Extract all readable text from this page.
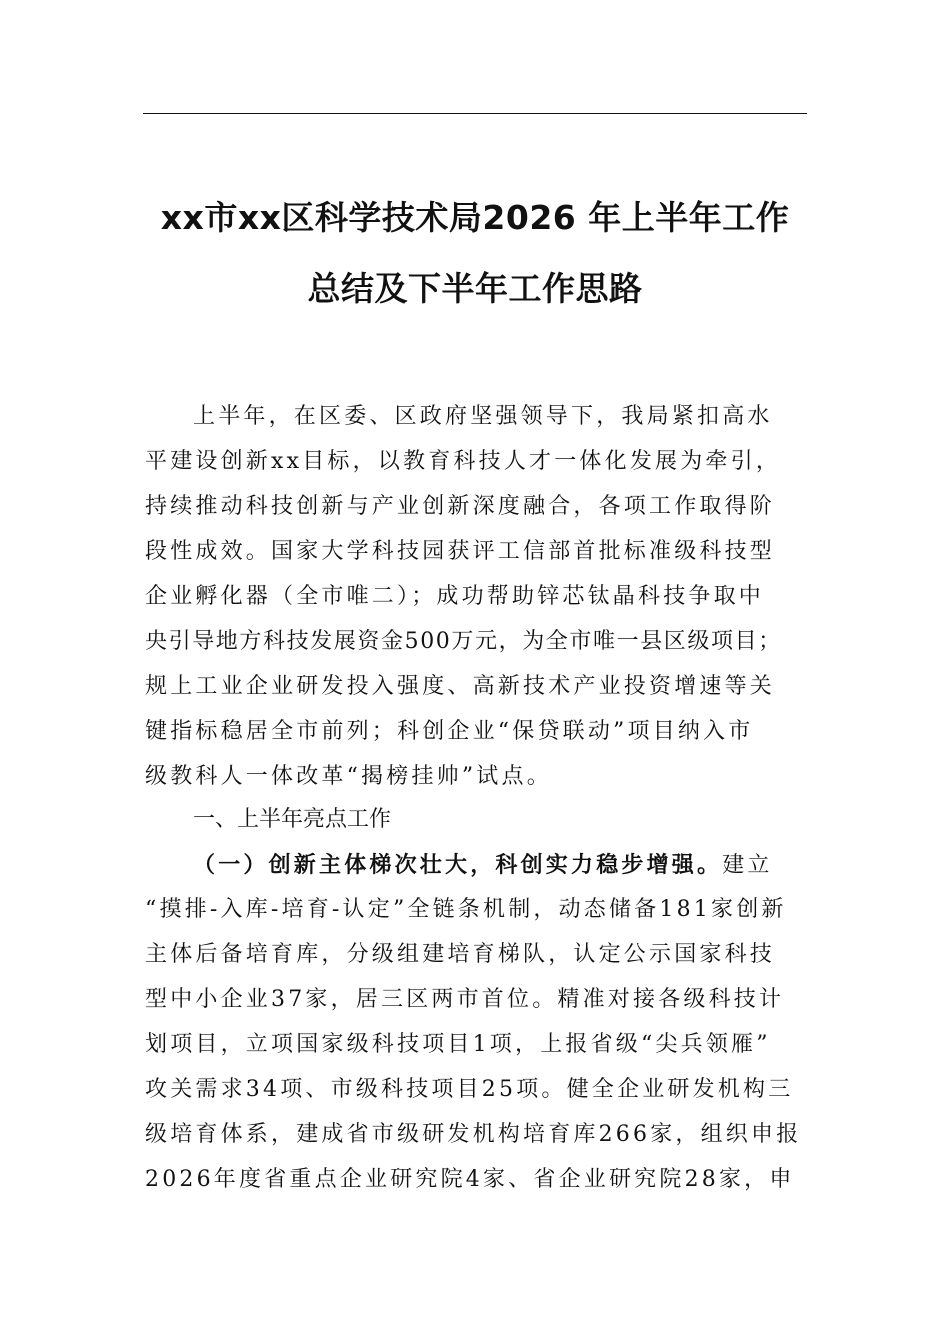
xx市xx区科学技术局2026 年上半年工作
总结及下半年工作思路
上半年，在区委、区政府坚强领导下，我局紧扣高水
平建设创新xx目标，以教育科技人才一体化发展为牵引，
持续推动科技创新与产业创新深度融合，各项工作取得阶
段性成效。国家大学科技园获评工信部首批标准级科技型
企业孵化器（全市唯二）；成功帮助锌芯钛晶科技争取中
央引导地方科技发展资金500万元，为全市唯一县区级项目；
规上工业企业研发投入强度、高新技术产业投资增速等关
键指标稳居全市前列；科创企业“保贷联动”项目纳入市
级教科人一体改革“揭榜挂帅”试点。
一、上半年亮点工作
（一）创新主体梯次壮大，科创实力稳步增强。建立
“摸排-入库-培育-认定”全链条机制，动态储备181家创新
主体后备培育库，分级组建培育梯队，认定公示国家科技
型中小企业37家，居三区两市首位。精准对接各级科技计
划项目，立项国家级科技项目1项，上报省级“尖兵领雁”
攻关需求34项、市级科技项目25项。健全企业研发机构三
级培育体系，建成省市级研发机构培育库266家，组织申报
2026年度省重点企业研究院4家、省企业研究院28家，申
